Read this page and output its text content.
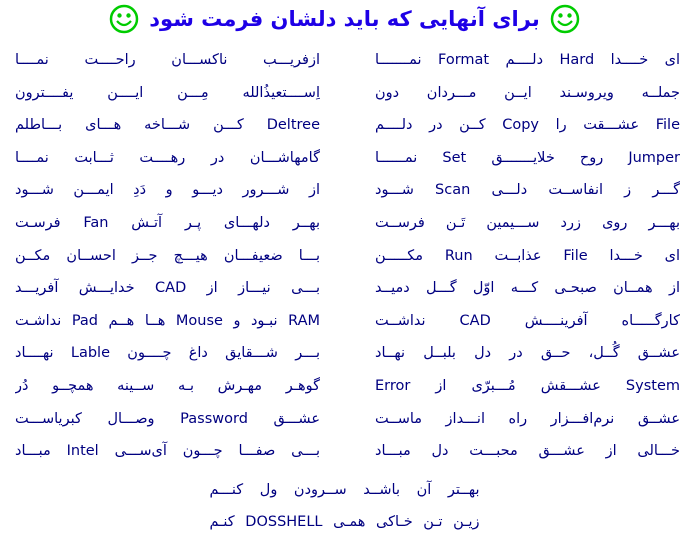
برای آنهایی که باید دلشان فرمت شود
ای خــــدا Hard دلــــم Format نمـــــــا
جملــه ویروسـند ایــن مـــردان دون
File عشـــقت را Copy کــن در دلــــم
Jumper روح خلایـــــــق Set نمــــــا
گـــر ز انفاســت دلـــی Scan شـــود
بهـــر روی زرد ســـیمین تَـن فرســت
ای خـــدا File عذابــت Run مکـــــن
از همــان صبحـی کـــه اوّل گـــل دمیــد
کارگـــــاه آفرینــــش CAD نداشــت
عشــق گُــل، حــق در دل بلبــل نهــاد
System عشـــقش مُـــبرّی از Error
عشــق نرم‌افـــزار راه انـــداز ماســت
خـــالی از عشـــق محبـــت دل مبـــاد
ازفریـــب ناکســـان راحــــت نمــــا
اِســــتعیذُالله مِـــن ایــــن یفــــترون
Deltree کـــن شـــاخه هـــای بـــاطلم
گامهاشـــان در رهــــت ثـــابت نمــــا
از شـــرور دیـــو و دَدِ ایمـــن شـــود
بهــر دلهـــای پـر آتـش Fan فرسـت
بـــا ضعیفـــان هیـــچ جــز احســان مکــن
بـــی نیـــاز از CAD خدایـــش آفریـــد
RAM نبـود و Mouse هــا هــم Pad نداشـت
بـــر شـــقایق داغ چــــون Lable نهــــاد
گوهـر مهـرش بـه ســینه همچــو دُر
عشـــق Password وصـــال کبریاســـت
بـــی صفـــا چـــون آی‌ســـی Intel مبـــاد
بهــتر آن باشــد ســرودن ول کنـــم
زیـن تـن خـاکی همـی DOSSHELL کنـم
